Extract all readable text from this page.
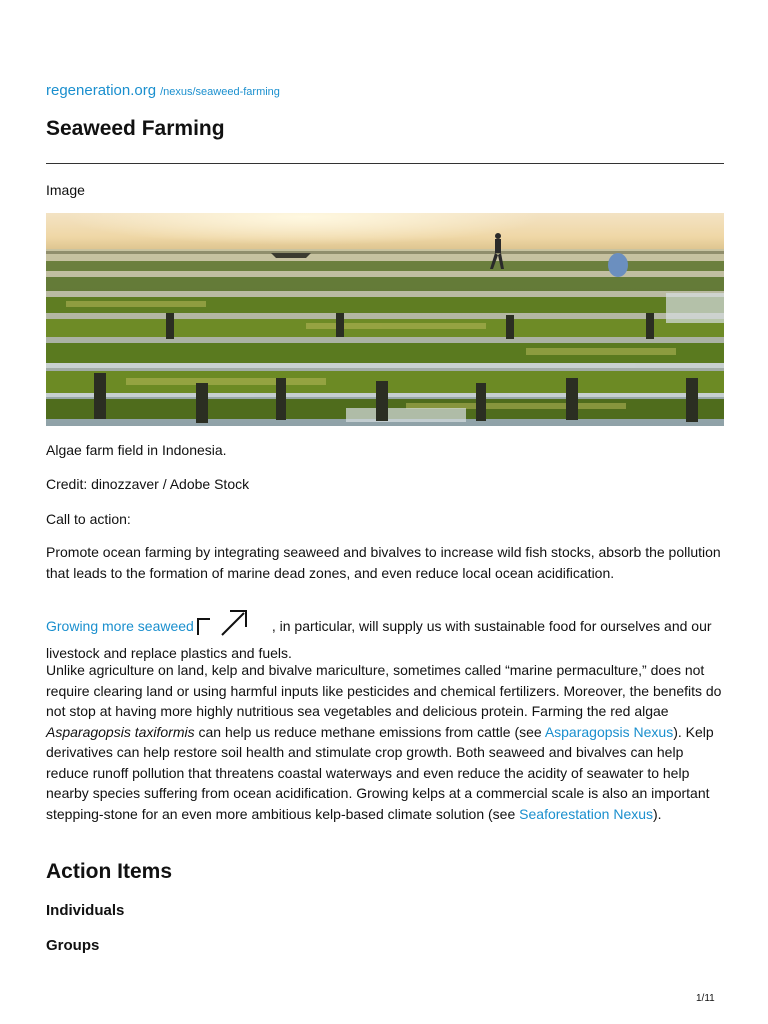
regeneration.org /nexus/seaweed-farming
Seaweed Farming

Image

Algae farm field in Indonesia.

Credit: dinozzaver / Adobe Stock

Call to action:

Promote ocean farming by integrating seaweed and bivalves to increase wild fish stocks, absorb the pollution that leads to the formation of marine dead zones, and even reduce local ocean acidification.

Growing more seaweed	, in particular, will supply us with sustainable food for ourselves and our livestock and replace plastics and fuels.

Unlike agriculture on land, kelp and bivalve mariculture, sometimes called “marine permaculture,” does not require clearing land or using harmful inputs like pesticides and chemical fertilizers. Moreover, the benefits do not stop at having more highly nutritious sea vegetables and delicious protein. Farming the red algae Asparagopsis taxiformis can help us reduce methane emissions from cattle (see Asparagopsis Nexus). Kelp derivatives can help restore soil health and stimulate crop growth. Both seaweed and bivalves can help reduce runoff pollution that threatens coastal waterways and even reduce the acidity of seawater to help nearby species suffering from ocean acidification. Growing kelps at a commercial scale is also an important stepping-stone for an even more ambitious kelp-based climate solution (see Seaforestation Nexus).

Action Items
Individuals
Groups
1/11
